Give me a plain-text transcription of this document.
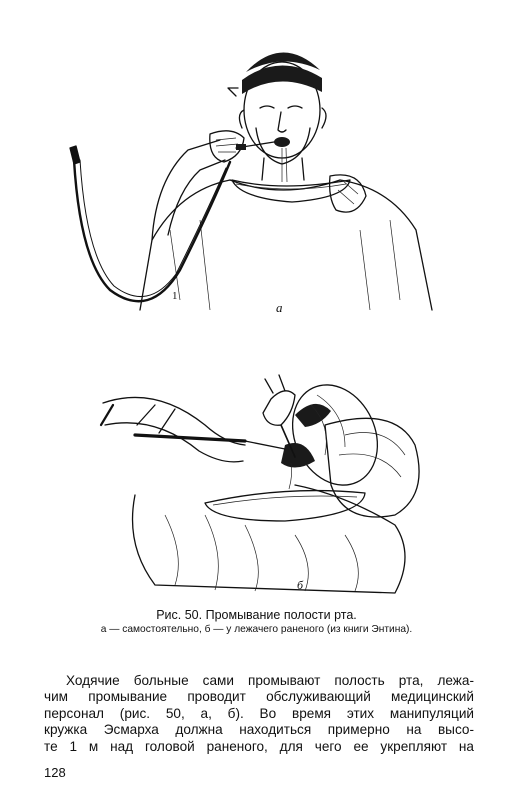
1
а
б
Рис. 50. Промывание полости рта.
а — самостоятельно, б — у лежачего раненого (из книги Энтина).
Ходячие больные сами промывают полость рта, лежа-
чим промывание проводит обслуживающий медицинский
персонал (рис. 50, а, б). Во время этих манипуляций
кружка Эсмарха должна находиться примерно на высо-
те 1 м над головой раненого, для чего ее укрепляют на
128
